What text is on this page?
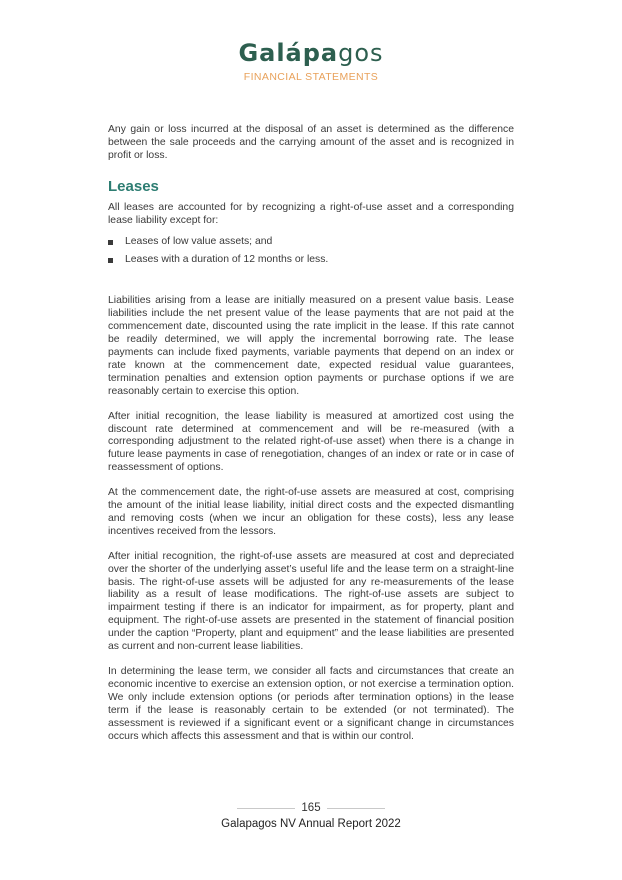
Galápagos
FINANCIAL STATEMENTS

Any gain or loss incurred at the disposal of an asset is determined as the difference between the sale proceeds and the carrying amount of the asset and is recognized in profit or loss.

Leases

All leases are accounted for by recognizing a right-of-use asset and a corresponding lease liability except for:

Leases of low value assets; and
Leases with a duration of 12 months or less.

Liabilities arising from a lease are initially measured on a present value basis. Lease liabilities include the net present value of the lease payments that are not paid at the commencement date, discounted using the rate implicit in the lease. If this rate cannot be readily determined, we will apply the incremental borrowing rate. The lease payments can include fixed payments, variable payments that depend on an index or rate known at the commencement date, expected residual value guarantees, termination penalties and extension option payments or purchase options if we are reasonably certain to exercise this option.

After initial recognition, the lease liability is measured at amortized cost using the discount rate determined at commencement and will be re-measured (with a corresponding adjustment to the related right-of-use asset) when there is a change in future lease payments in case of renegotiation, changes of an index or rate or in case of reassessment of options.

At the commencement date, the right-of-use assets are measured at cost, comprising the amount of the initial lease liability, initial direct costs and the expected dismantling and removing costs (when we incur an obligation for these costs), less any lease incentives received from the lessors.

After initial recognition, the right-of-use assets are measured at cost and depreciated over the shorter of the underlying asset’s useful life and the lease term on a straight-line basis. The right-of-use assets will be adjusted for any re-measurements of the lease liability as a result of lease modifications. The right-of-use assets are subject to impairment testing if there is an indicator for impairment, as for property, plant and equipment. The right-of-use assets are presented in the statement of financial position under the caption “Property, plant and equipment” and the lease liabilities are presented as current and non-current lease liabilities.

In determining the lease term, we consider all facts and circumstances that create an economic incentive to exercise an extension option, or not exercise a termination option. We only include extension options (or periods after termination options) in the lease term if the lease is reasonably certain to be extended (or not terminated). The assessment is reviewed if a significant event or a significant change in circumstances occurs which affects this assessment and that is within our control.

165
Galapagos NV Annual Report 2022
